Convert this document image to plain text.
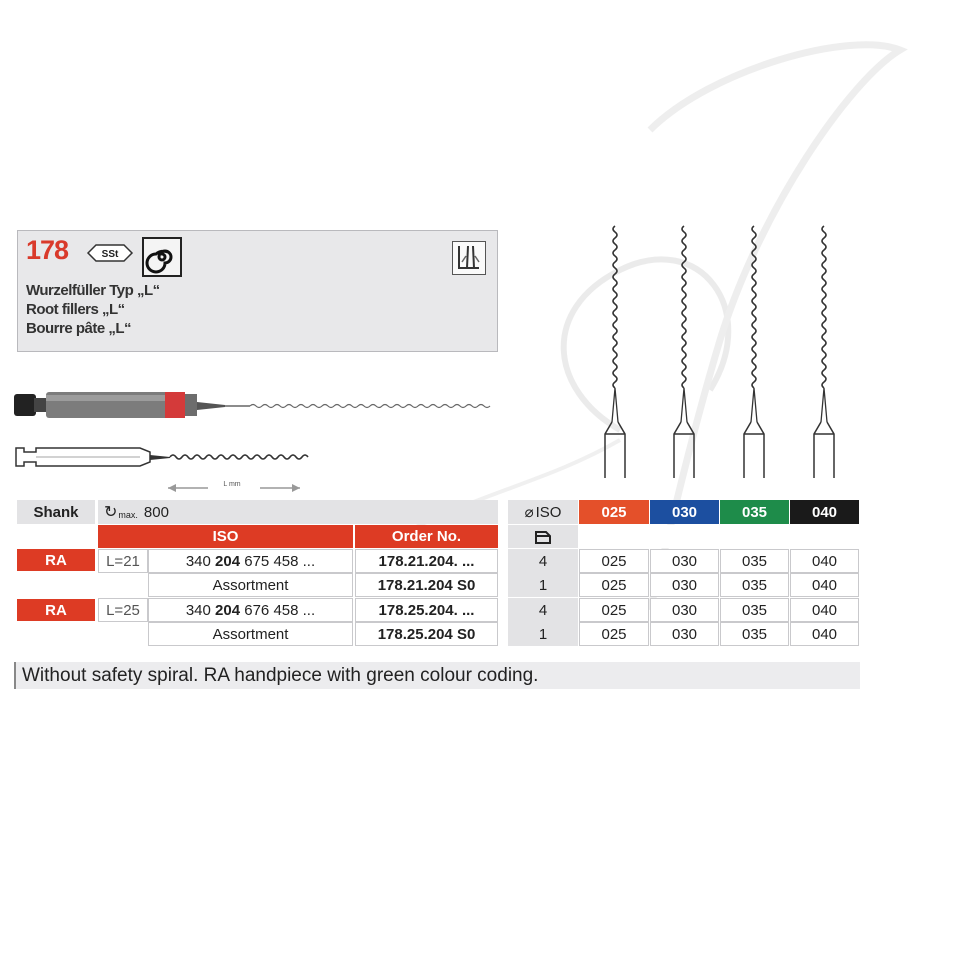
178	SSt
Wurzelfüller Typ „L“
Root fillers „L“
Bourre pâte „L“
L mm
Shank	↻ max. 800
ISO	Order No.
RA	L=21	340 204 675 458 ...	178.21.204. ...
Assortment	178.21.204 S0
RA	L=25	340 204 676 458 ...	178.25.204. ...
Assortment	178.25.204 S0
⌀ ISO	025	030	035	040
4	025	030	035	040
1	025	030	035	040
4	025	030	035	040
1	025	030	035	040
Without safety spiral. RA handpiece with green colour coding.
